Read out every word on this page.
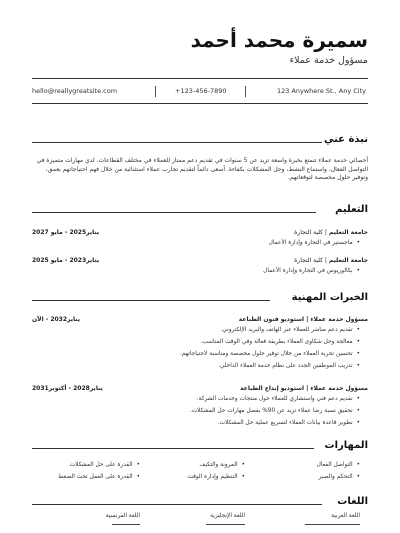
سميرة محمد أحمد
مسؤول خدمة عملاء
hello@reallygreatsite.com	+123-456-7890	123 Anywhere St., Any City
نبذة عني
أخصائي خدمة عملاء تتمتع بخبرة واسعة تزيد عن 5 سنوات في تقديم دعم ممتاز للعملاء في مختلف القطاعات. لدي مهارات متميزة في التواصل الفعال، واستماع النشط، وحل المشكلات بكفاءة. أسعى دائماً لتقديم تجارب عملاء استثنائية من خلال فهم احتياجاتهم بعمق، وتوفير حلول مخصصة لتوقعاتهم.
التعليم
جامعة التعليم | كلية التجارة
يناير2025 - مايو 2027
• ماجستير في التجارة وإدارة الأعمال
جامعة التعليم | كلية التجارة
يناير2023 - مايو 2025
• بكالوريوس في التجارة وإدارة الأعمال
الخبرات المهنية
مسؤول خدمة عملاء | استوديو فنون الطباعة
يناير2032 - الآن
• تقديم دعم مباشر للعملاء عبر الهاتف والبريد الإلكتروني.
• معالجة وحل شكاوى العملاء بطريقة فعالة وفي الوقت المناسب.
• تحسين تجربة العملاء من خلال توفير حلول مخصصة ومناسبة لاحتياجاتهم.
• تدريب الموظفين الجدد على نظام خدمة العملاء الداخلي.
مسؤول خدمة عملاء | استوديو إبداع الطباعة
يناير2028 - أكتوبر2031
• تقديم دعم فني واستشاري للعملاء حول منتجات وخدمات الشركة.
• تحقيق نسبة رضا عملاء تزيد عن 90% بفضل مهارات حل المشكلات.
• تطوير قاعدة بيانات العملاء لتسريع عملية حل المشكلات.
المهارات
• التواصل الفعال
• المرونة والتكيف
• القدرة على حل المشكلات
• التحكم والصبر
• التنظيم وإدارة الوقت
• القدرة على العمل تحت الضغط
اللغات
اللغة العربية
اللغة الإنجليزية
اللغة الفرنسية
